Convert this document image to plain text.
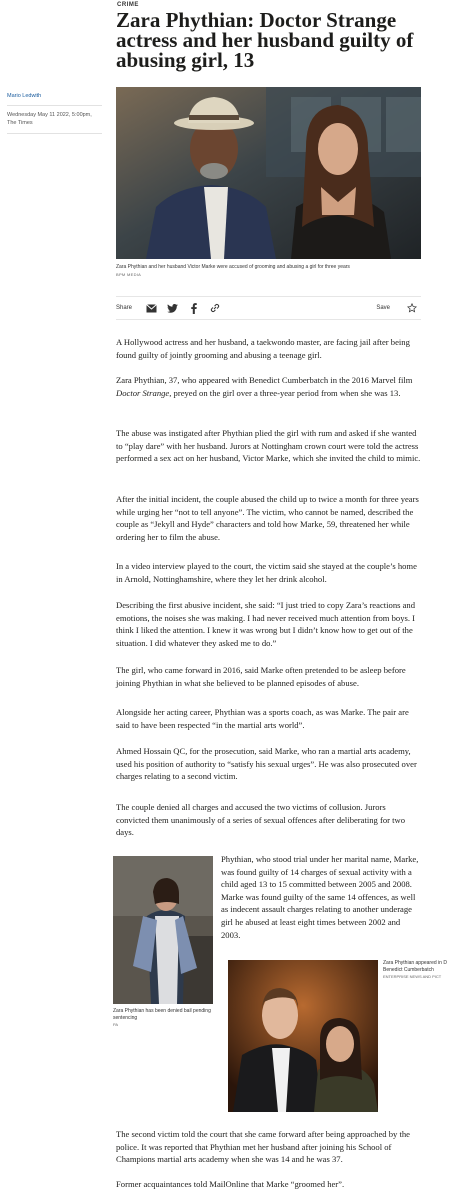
CRIME
Zara Phythian: Doctor Strange actress and her husband guilty of abusing girl, 13
Mario Ledwith
Wednesday May 11 2022, 5:00pm,
The Times
Zara Phythian and her husband Victor Marke were accused of grooming and abusing a girl for three years
BPM MEDIA
Share	Save

A Hollywood actress and her husband, a taekwondo master, are facing jail after being found guilty of jointly grooming and abusing a teenage girl.

Zara Phythian, 37, who appeared with Benedict Cumberbatch in the 2016 Marvel film Doctor Strange, preyed on the girl over a three-year period from when she was 13.

The abuse was instigated after Phythian plied the girl with rum and asked if she wanted to “play dare” with her husband. Jurors at Nottingham crown court were told the actress performed a sex act on her husband, Victor Marke, which she invited the child to mimic.

After the initial incident, the couple abused the child up to twice a month for three years while urging her “not to tell anyone”. The victim, who cannot be named, described the couple as “Jekyll and Hyde” characters and told how Marke, 59, threatened her while ordering her to film the abuse.

In a video interview played to the court, the victim said she stayed at the couple’s home in Arnold, Nottinghamshire, where they let her drink alcohol.

Describing the first abusive incident, she said: “I just tried to copy Zara’s reactions and emotions, the noises she was making. I had never received much attention from boys. I think I liked the attention. I knew it was wrong but I didn’t know how to get out of the situation. I did whatever they asked me to do.”

The girl, who came forward in 2016, said Marke often pretended to be asleep before joining Phythian in what she believed to be planned episodes of abuse.

Alongside her acting career, Phythian was a sports coach, as was Marke. The pair are said to have been respected “in the martial arts world”.

Ahmed Hossain QC, for the prosecution, said Marke, who ran a martial arts academy, used his position of authority to “satisfy his sexual urges”. He was also prosecuted over charges relating to a second victim.

The couple denied all charges and accused the two victims of collusion. Jurors convicted them unanimously of a series of sexual offences after deliberating for two days.

The second victim told the court that she came forward after being approached by the police. It was reported that Phythian met her husband after joining his School of Champions martial arts academy when she was 14 and he was 37.

Former acquaintances told MailOnline that Marke “groomed her”.

Zara Phythian has been denied bail pending sentencing
PA

Phythian, who stood trial under her marital name, Marke, was found guilty of 14 charges of sexual activity with a child aged 13 to 15 committed between 2005 and 2008. Marke was found guilty of the same 14 offences, as well as indecent assault charges relating to another underage girl he abused at least eight times between 2002 and 2003.

Zara Phythian appeared in D
Benedict Cumberbatch
ENTERPRISE NEWS AND PICT
